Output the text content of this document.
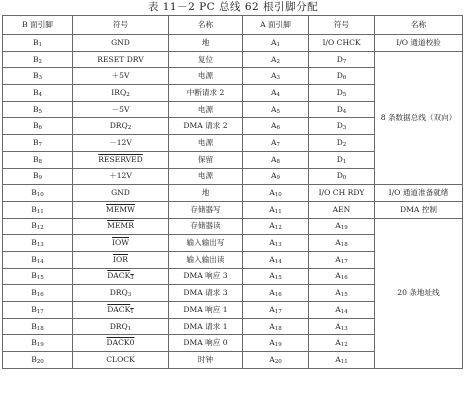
表 11－2 PC 总线 62 根引脚分配
B 面引脚	符号	名称	A 面引脚	符号	名称
$B_1$	GND	地	$A_1$	I/O CHCK	I/O 通道校验
$B_2$	RESET DRV	复位	$A_2$	$D_7$	8 条数据总线（双向）
$B_3$	＋5V	电源	$A_3$	$D_6$
$B_4$	$IRQ_2$	中断请求 2	$A_4$	$D_5$
$B_5$	－5V	电源	$A_5$	$D_4$
$B_6$	$DRQ_2$	DMA 请求 2	$A_6$	$D_3$
$B_7$	－12V	电源	$A_7$	$D_2$
$B_8$	RESERVED	保留	$A_8$	$D_1$
$B_9$	＋12V	电源	$A_9$	$D_0$
$B_{10}$	GND	地	$A_{10}$	I/O CH RDY	I/O 通道准备就绪
$B_{11}$	MEMW	存储器写	$A_{11}$	AEN	DMA 控制
$B_{12}$	MEMR	存储器读	$A_{12}$	$A_{19}$	20 条地址线
$B_{13}$	$\overline{IOW}$	输入输出写	$A_{13}$	$A_{18}$
$B_{14}$	$\overline{IOR}$	输入输出读	$A_{14}$	$A_{17}$
$B_{15}$	$DACK_3$	DMA 响应 3	$A_{15}$	$A_{16}$
$B_{16}$	$DRQ_3$	DMA 请求 3	$A_{16}$	$A_{15}$
$B_{17}$	$DACK_1$	DMA 响应 1	$A_{17}$	$A_{14}$
$B_{18}$	$DRQ_1$	DMA 请求 1	$A_{18}$	$A_{13}$
$B_{19}$	DACK0	DMA 响应 0	$A_{19}$	$A_{12}$
$B_{20}$	CLOCK	时钟	$A_{20}$	$A_{11}$
